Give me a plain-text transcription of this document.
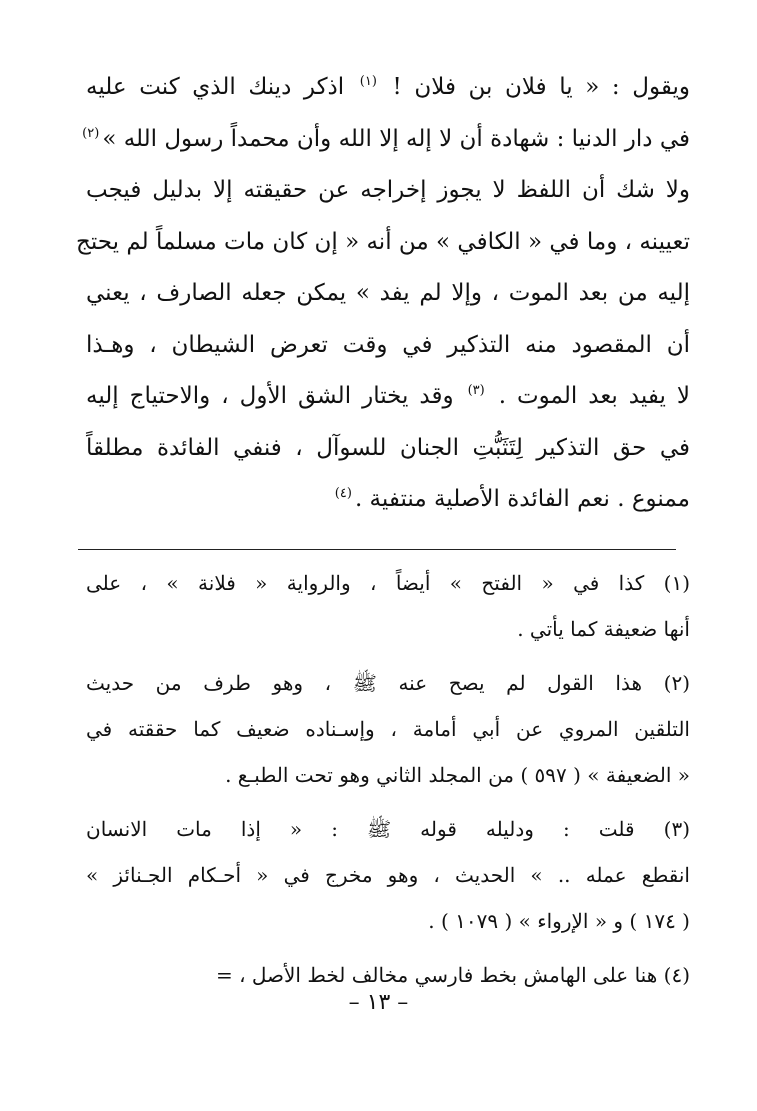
ويقول : « يا فلان بن فلان ! $^{(١)}$ اذكر دينك الذي كنت عليه
في دار الدنيا : شهادة أن لا إله إلا الله وأن محمداً رسول الله »$^{(٢)}$
ولا شك أن اللفظ لا يجوز إخراجه عن حقيقته إلا بدليل فيجب
تعيينه ، وما في « الكافي » من أنه « إن كان مات مسلماً لم يحتج
إليه من بعد الموت ، وإلا لم يفد » يمكن جعله الصارف ، يعني
أن المقصود منه التذكير في وقت تعرض الشيطان ، وهـذا
لا يفيد بعد الموت . $^{(٣)}$ وقد يختار الشق الأول ، والاحتياج إليه
في حق التذكير لِتَثَبُّتِ الجنان للسوآل ، فنفي الفائدة مطلقاً
ممنوع . نعم الفائدة الأصلية منتفية .$^{(٤)}$
(١) كذا في « الفتح » أيضاً ، والرواية « فلانة » ، على
أنها ضعيفة كما يأتي .
(٢) هذا القول لم يصح عنه ﷺ ، وهو طرف من حديث
التلقين المروي عن أبي أمامة ، وإسـناده ضعيف كما حققته في
« الضعيفة » ( ٥٩٧ ) من المجلد الثاني وهو تحت الطبـع .
(٣) قلت : ودليله قوله ﷺ : « إذا مات الانسان
انقطع عمله .. » الحديث ، وهو مخرج في « أحـكام الجـنائز »
( ١٧٤ ) و « الإرواء » ( ١٠٧٩ ) .
(٤) هنا على الهامش بخط فارسي مخالف لخط الأصل ، =
– ١٣ –
